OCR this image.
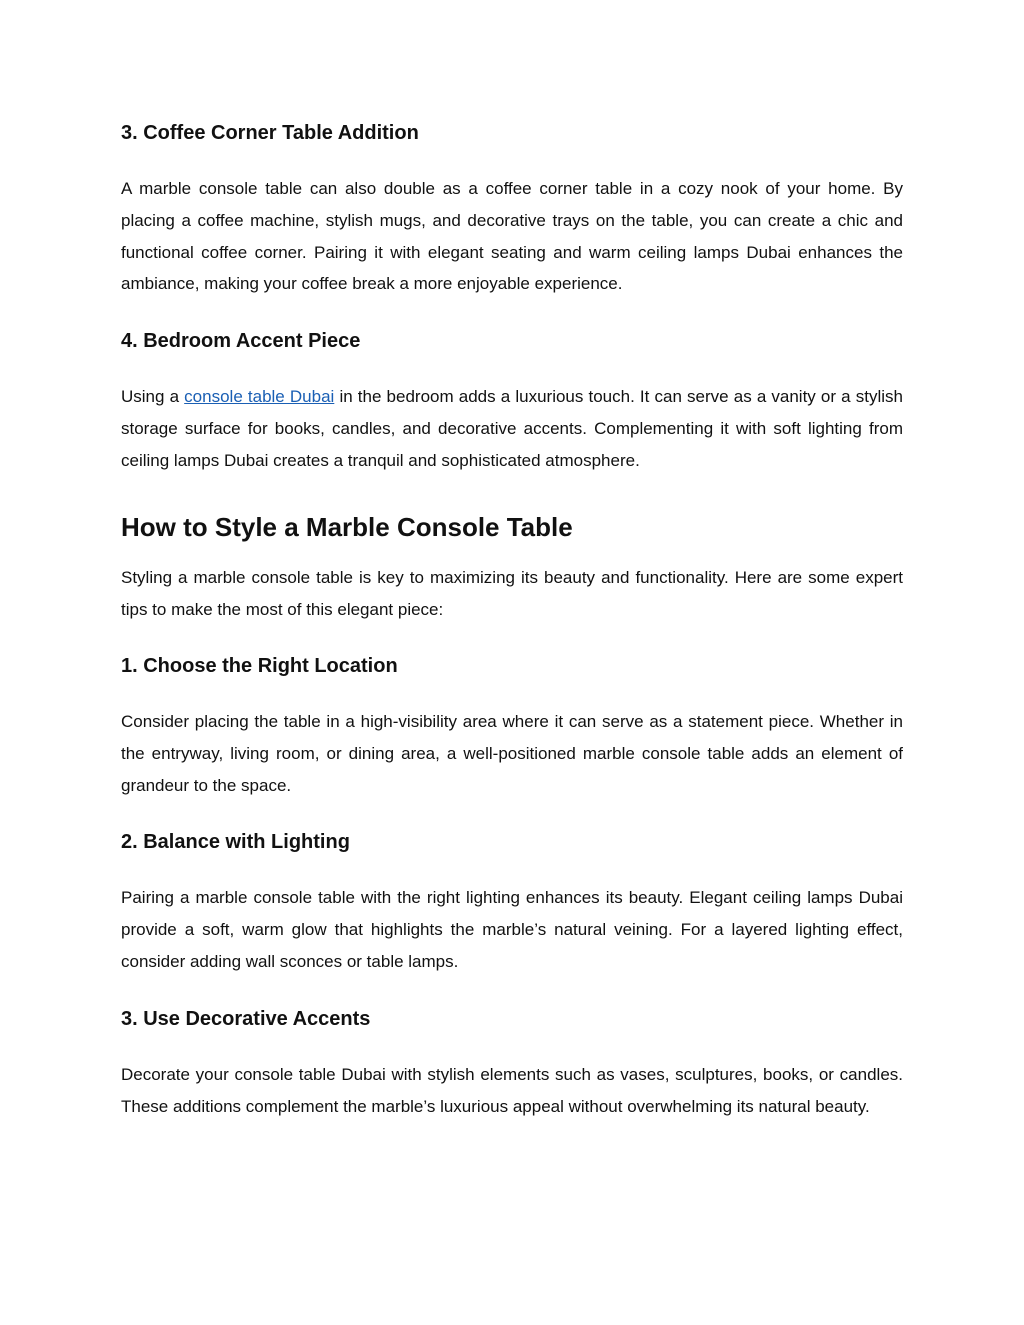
3. Coffee Corner Table Addition

A marble console table can also double as a coffee corner table in a cozy nook of your home. By placing a coffee machine, stylish mugs, and decorative trays on the table, you can create a chic and functional coffee corner. Pairing it with elegant seating and warm ceiling lamps Dubai enhances the ambiance, making your coffee break a more enjoyable experience.

4. Bedroom Accent Piece

Using a console table Dubai in the bedroom adds a luxurious touch. It can serve as a vanity or a stylish storage surface for books, candles, and decorative accents. Complementing it with soft lighting from ceiling lamps Dubai creates a tranquil and sophisticated atmosphere.

How to Style a Marble Console Table

Styling a marble console table is key to maximizing its beauty and functionality. Here are some expert tips to make the most of this elegant piece:

1. Choose the Right Location

Consider placing the table in a high-visibility area where it can serve as a statement piece. Whether in the entryway, living room, or dining area, a well-positioned marble console table adds an element of grandeur to the space.

2. Balance with Lighting

Pairing a marble console table with the right lighting enhances its beauty. Elegant ceiling lamps Dubai provide a soft, warm glow that highlights the marble’s natural veining. For a layered lighting effect, consider adding wall sconces or table lamps.

3. Use Decorative Accents

Decorate your console table Dubai with stylish elements such as vases, sculptures, books, or candles. These additions complement the marble’s luxurious appeal without overwhelming its natural beauty.
